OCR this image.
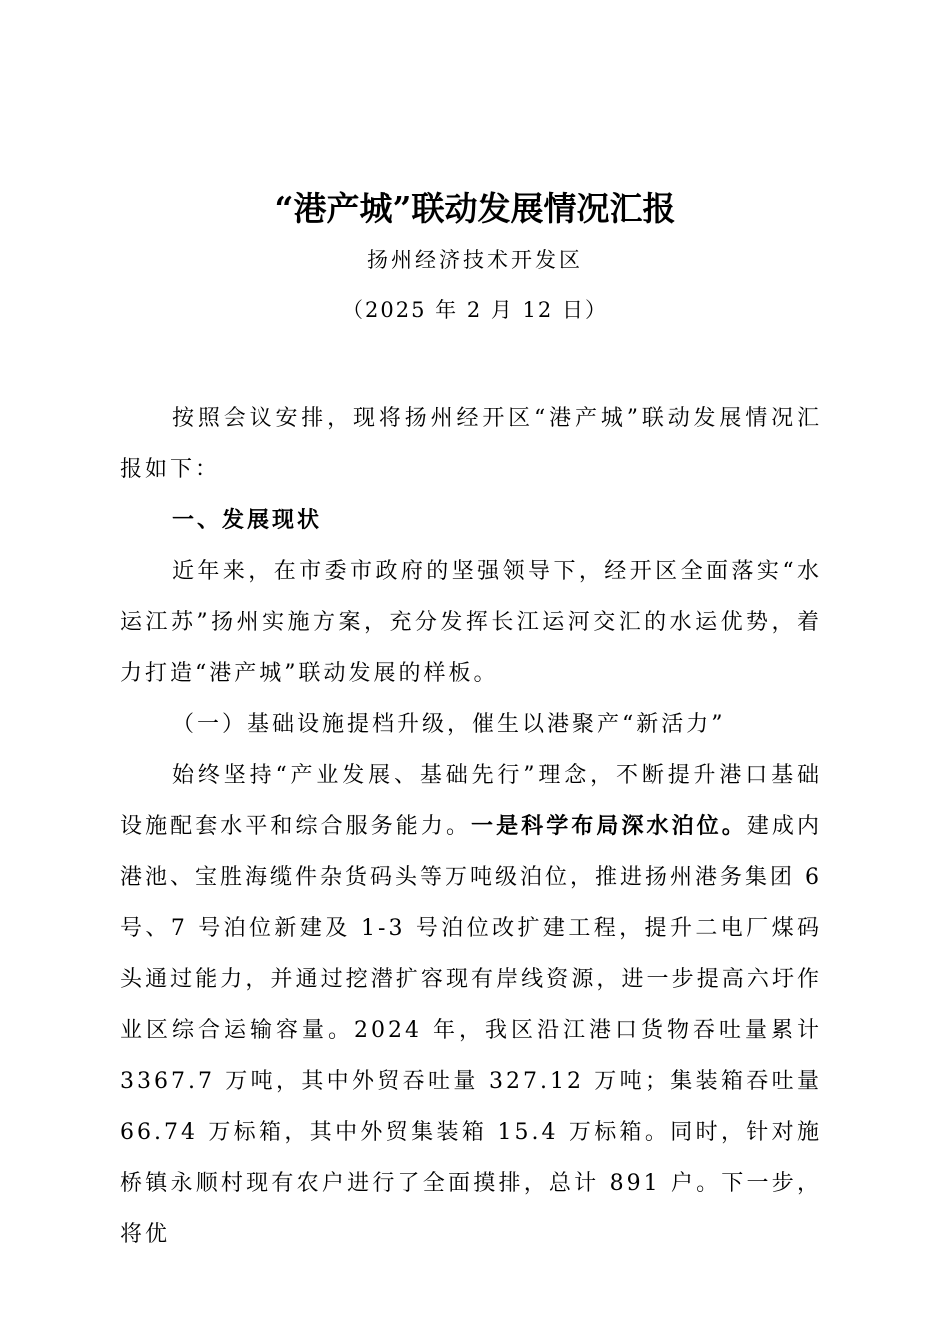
“港产城”联动发展情况汇报
扬州经济技术开发区
（2025 年 2 月 12 日）

按照会议安排，现将扬州经开区“港产城”联动发展情况汇报如下：

一、发展现状

近年来，在市委市政府的坚强领导下，经开区全面落实“水运江苏”扬州实施方案，充分发挥长江运河交汇的水运优势，着力打造“港产城”联动发展的样板。

（一）基础设施提档升级，催生以港聚产“新活力”

始终坚持“产业发展、基础先行”理念，不断提升港口基础设施配套水平和综合服务能力。一是科学布局深水泊位。建成内港池、宝胜海缆件杂货码头等万吨级泊位，推进扬州港务集团 6 号、7 号泊位新建及 1-3 号泊位改扩建工程，提升二电厂煤码头通过能力，并通过挖潜扩容现有岸线资源，进一步提高六圩作业区综合运输容量。2024 年，我区沿江港口货物吞吐量累计 3367.7 万吨，其中外贸吞吐量 327.12 万吨；集装箱吞吐量 66.74 万标箱，其中外贸集装箱 15.4 万标箱。同时，针对施桥镇永顺村现有农户进行了全面摸排，总计 891 户。下一步，将优
